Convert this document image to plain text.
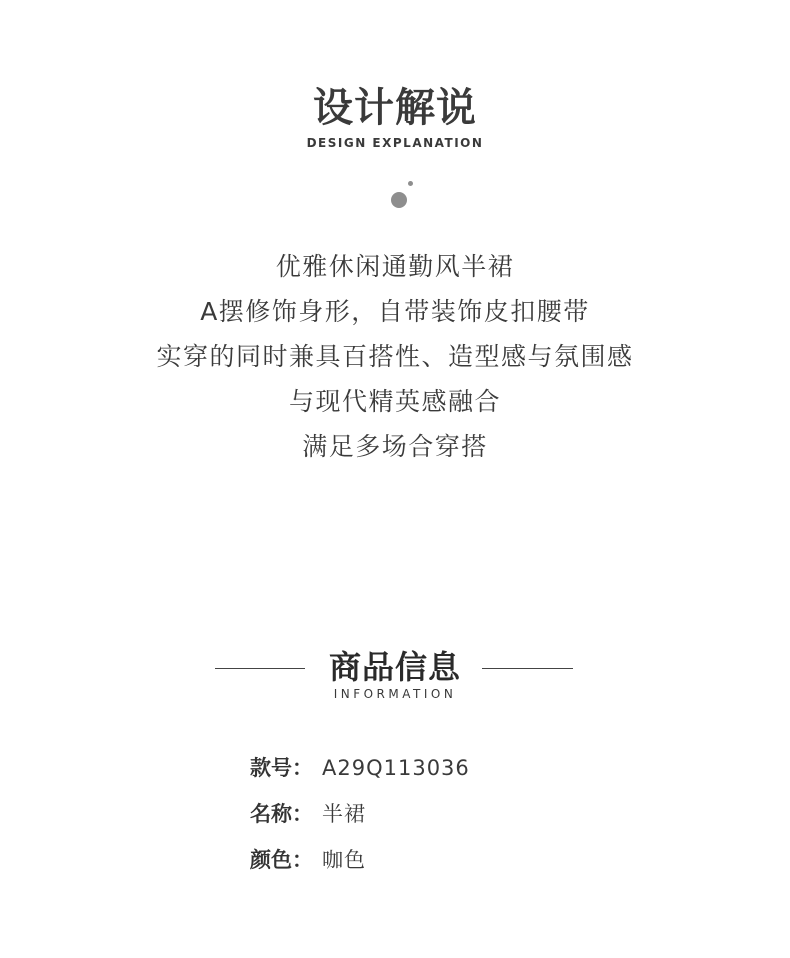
设计解说
DESIGN EXPLANATION
优雅休闲通勤风半裙
A摆修饰身形，自带装饰皮扣腰带
实穿的同时兼具百搭性、造型感与氛围感
与现代精英感融合
满足多场合穿搭
商品信息
INFORMATION
款号： A29Q113036
名称： 半裙
颜色： 咖色
